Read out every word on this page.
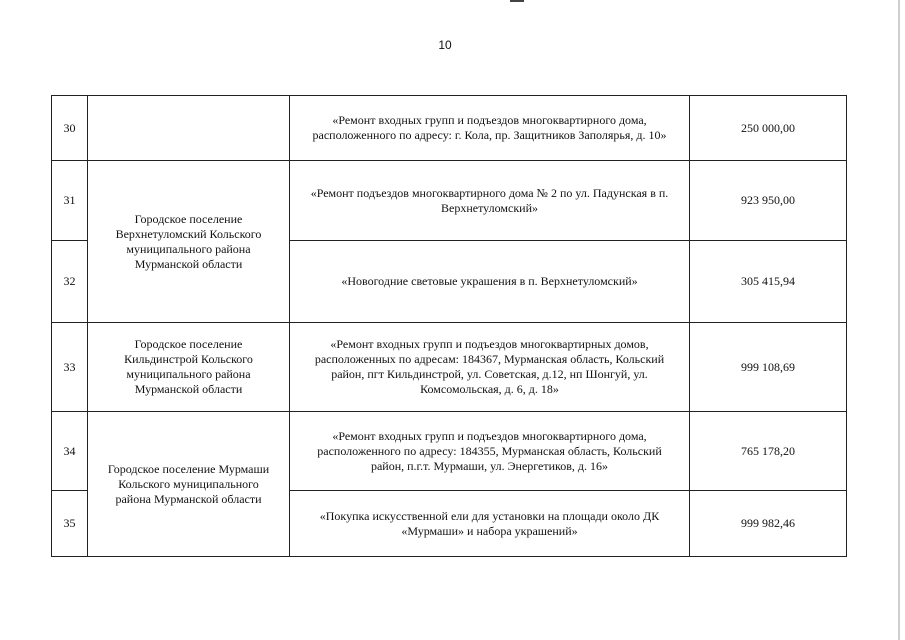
10
30		«Ремонт входных групп и подъездов многоквартирного дома, расположенного по адресу: г. Кола, пр. Защитников Заполярья, д. 10»	250 000,00
31	Городское поселение Верхнетуломский Кольского муниципального района Мурманской области	«Ремонт подъездов многоквартирного дома № 2 по ул. Падунская в п. Верхнетуломский»	923 950,00
32		«Новогодние световые украшения в п. Верхнетуломский»	305 415,94
33	Городское поселение Кильдинстрой Кольского муниципального района Мурманской области	«Ремонт входных групп и подъездов многоквартирных домов, расположенных по адресам: 184367, Мурманская область, Кольский район, пгт Кильдинстрой, ул. Советская, д.12, нп Шонгуй, ул. Комсомольская, д. 6, д. 18»	999 108,69
34	Городское поселение Мурмаши Кольского муниципального района Мурманской области	«Ремонт входных групп и подъездов многоквартирного дома, расположенного по адресу: 184355, Мурманская область, Кольский район, п.г.т. Мурмаши, ул. Энергетиков, д. 16»	765 178,20
35		«Покупка искусственной ели для установки на площади около ДК «Мурмаши» и набора украшений»	999 982,46
